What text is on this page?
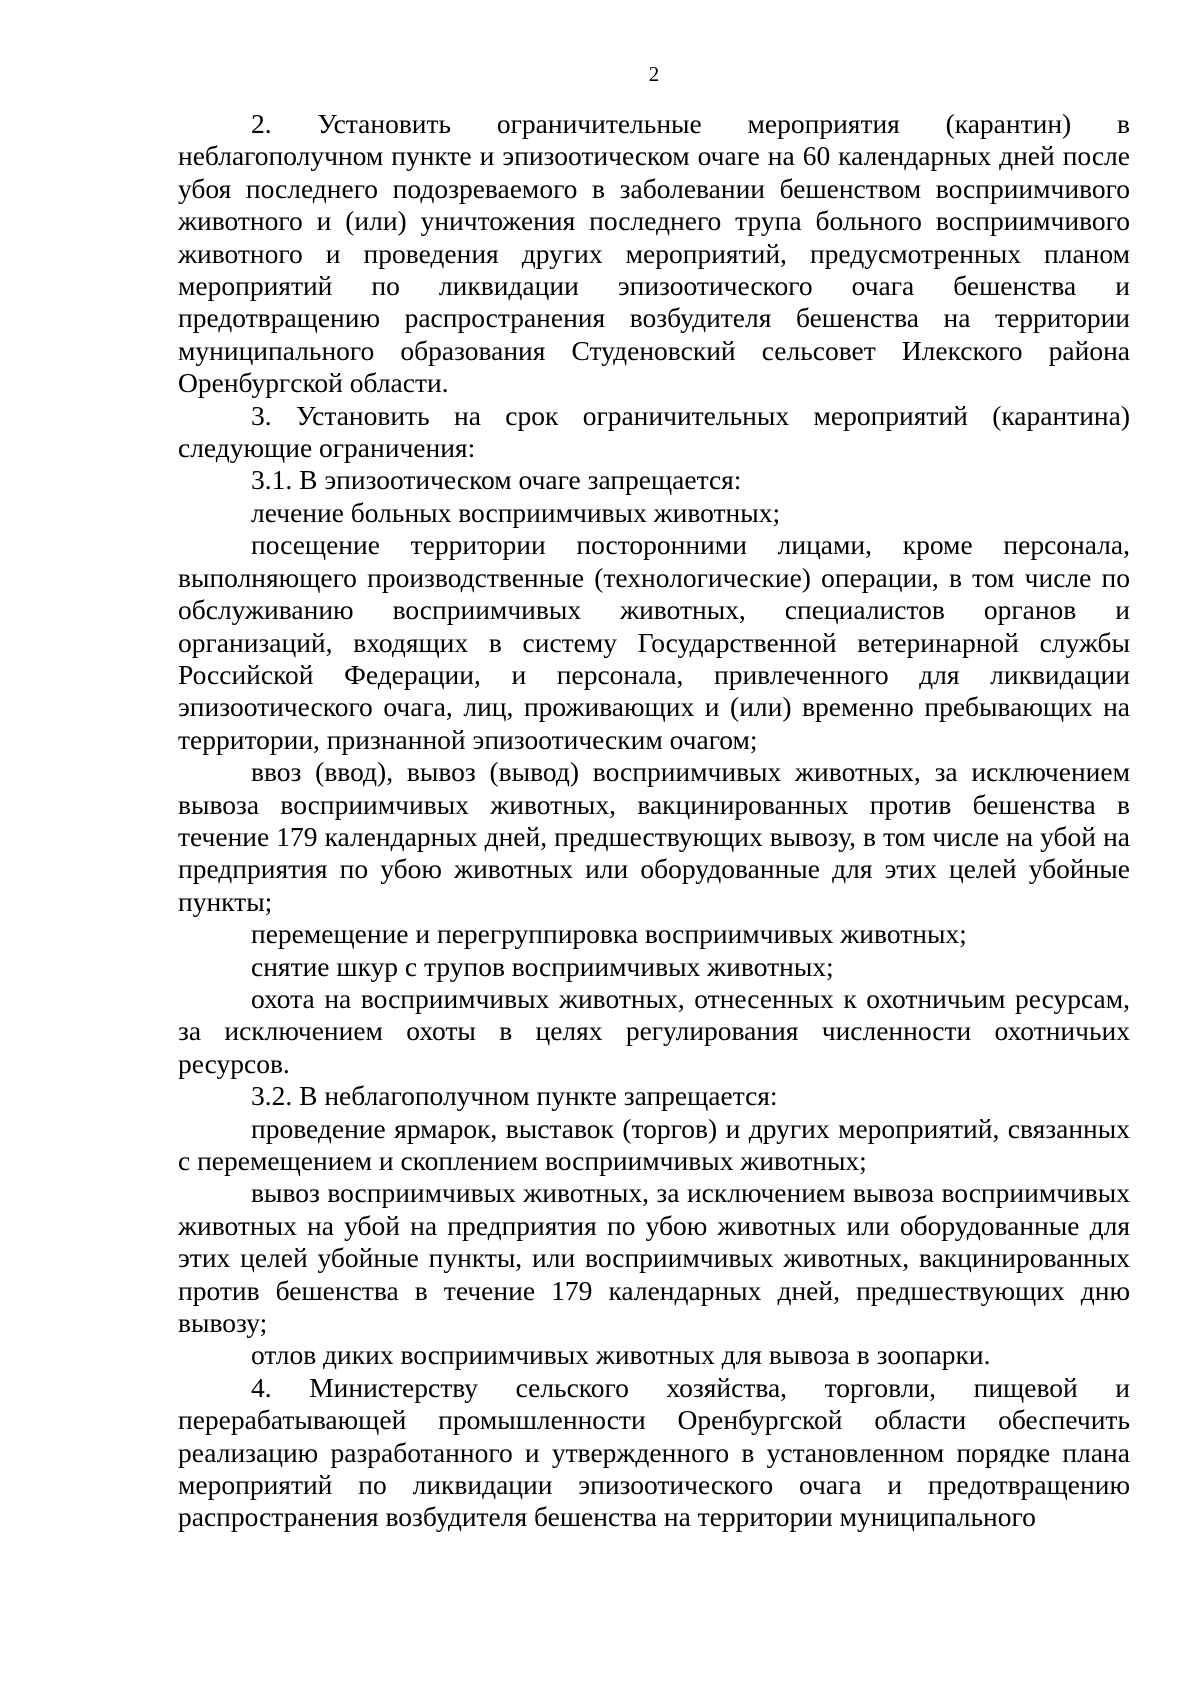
2

2. Установить ограничительные мероприятия (карантин) в неблагополучном пункте и эпизоотическом очаге на 60 календарных дней после убоя последнего подозреваемого в заболевании бешенством восприимчивого животного и (или) уничтожения последнего трупа больного восприимчивого животного и проведения других мероприятий, предусмотренных планом мероприятий по ликвидации эпизоотического очага бешенства и предотвращению распространения возбудителя бешенства на территории муниципального образования Студеновский сельсовет Илекского района Оренбургской области.

3. Установить на срок ограничительных мероприятий (карантина) следующие ограничения:

3.1. В эпизоотическом очаге запрещается:

лечение больных восприимчивых животных;

посещение территории посторонними лицами, кроме персонала, выполняющего производственные (технологические) операции, в том числе по обслуживанию восприимчивых животных, специалистов органов и организаций, входящих в систему Государственной ветеринарной службы Российской Федерации, и персонала, привлеченного для ликвидации эпизоотического очага, лиц, проживающих и (или) временно пребывающих на территории, признанной эпизоотическим очагом;

ввоз (ввод), вывоз (вывод) восприимчивых животных, за исключением вывоза восприимчивых животных, вакцинированных против бешенства в течение 179 календарных дней, предшествующих вывозу, в том числе на убой на предприятия по убою животных или оборудованные для этих целей убойные пункты;

перемещение и перегруппировка восприимчивых животных;

снятие шкур с трупов восприимчивых животных;

охота на восприимчивых животных, отнесенных к охотничьим ресурсам, за исключением охоты в целях регулирования численности охотничьих ресурсов.

3.2. В неблагополучном пункте запрещается:

проведение ярмарок, выставок (торгов) и других мероприятий, связанных с перемещением и скоплением восприимчивых животных;

вывоз восприимчивых животных, за исключением вывоза восприимчивых животных на убой на предприятия по убою животных или оборудованные для этих целей убойные пункты, или восприимчивых животных, вакцинированных против бешенства в течение 179 календарных дней, предшествующих дню вывозу;

отлов диких восприимчивых животных для вывоза в зоопарки.

4. Министерству сельского хозяйства, торговли, пищевой и перерабатывающей промышленности Оренбургской области обеспечить реализацию разработанного и утвержденного в установленном порядке плана мероприятий по ликвидации эпизоотического очага и предотвращению распространения возбудителя бешенства на территории муниципального
